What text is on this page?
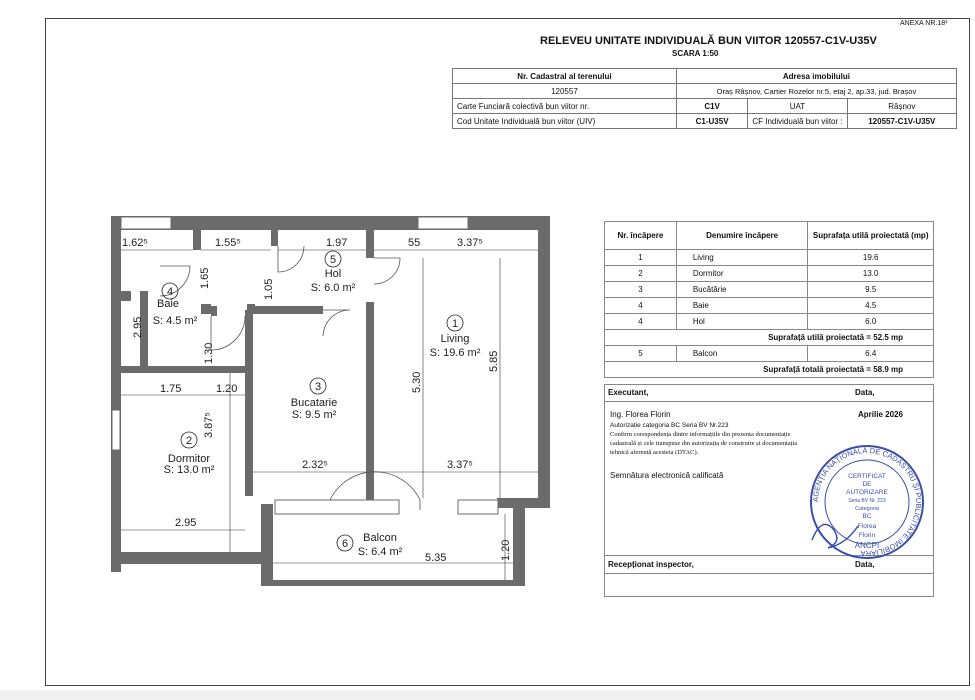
ANEXA NR.18¹
RELEVEU UNITATE INDIVIDUALĂ BUN VIITOR 120557-C1V-U35V
SCARA 1:50
Nr. Cadastral al terenului	Adresa imobilului		
120557	Oraș Râșnov, Cartier Rozelor nr.5, etaj 2, ap.33, jud. Brașov		
Carte Funciară colectivă bun viitor nr.	C1V	UAT	Râșnov
Cod Unitate Individuală bun viitor (UIV)	C1-U35V	CF Individuală bun viitor :	120557-C1V-U35V
Nr. încăpere	Denumire încăpere	Suprafața utilă proiectată (mp)
1	Living	19.6
2	Dormitor	13.0
3	Bucătărie	9.5
4	Baie	4.5
4	Hol	6.0
Suprafață utilă proiectată = 52.5 mp		
5	Balcon	6.4
Suprafață totală proiectată = 58.9 mp		
Executant,	Data,
Ing. Florea Florin	Aprilie 2026
Autorizație categoria BC Seria BV Nr.223
Confirm corespondența dintre informațiile din prezenta documentație
cadastrală și cele transpuse din autorizația de construire și documentația
tehnică aferentă acesteia (DTAC).
Semnătura electronică calificată
Recepționat inspector,	Data,
AGENȚIA NAȚIONALĂ DE CADASTRU ȘI PUBLICITATE IMOBILIARĂ
CERTIFICAT
DE
AUTORIZARE
Seria BV Nr. 223
Categoria
BC
Florea
Florin
ANCPI
1.62⁵	1.55⁵	1.97	55	3.37⁵
1.65
1.05
2.95
1.30
1.75	1.20
3.87⁵
5.30
5.85
2.32⁵	3.37⁵
2.95
5.35	1.20
1
Living
S: 19.6 m²
2
Dormitor
S: 13.0 m²
3
Bucatarie
S: 9.5 m²
4
Baie
S: 4.5 m²
5
Hol
S: 6.0 m²
6 Balcon
S: 6.4 m²
